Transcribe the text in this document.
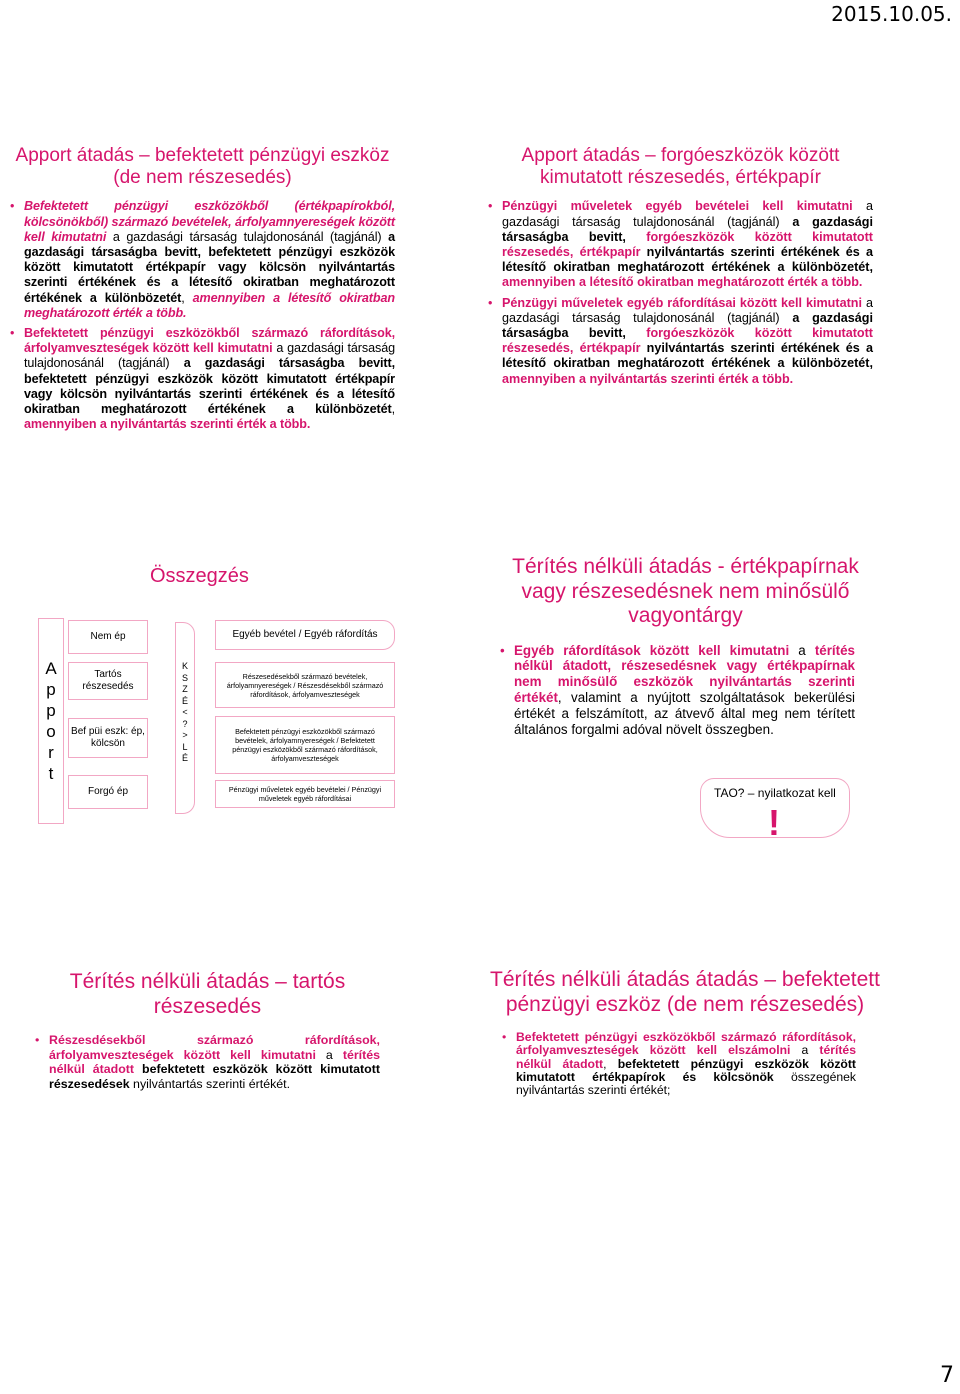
2015.10.05.
Apport átadás – befektetett pénzügyi eszköz (de nem részesedés)
• Befektetett pénzügyi eszközökből (értékpapírokból, kölcsönökből) származó bevételek, árfolyamnyereségek között kell kimutatni a gazdasági társaság tulajdonosánál (tagjánál) a gazdasági társaságba bevitt, befektetett pénzügyi eszközök között kimutatott értékpapír vagy kölcsön nyilvántartás szerinti értékének és a létesítő okiratban meghatározott értékének a különbözetét, amennyiben a létesítő okiratban meghatározott érték a több.
• Befektetett pénzügyi eszközökből származó ráfordítások, árfolyamveszteségek között kell kimutatni a gazdasági társaság tulajdonosánál (tagjánál) a gazdasági társaságba bevitt, befektetett pénzügyi eszközök között kimutatott értékpapír vagy kölcsön nyilvántartás szerinti értékének és a létesítő okiratban meghatározott értékének a különbözetét, amennyiben a nyilvántartás szerinti érték a több.
Apport átadás – forgóeszközök között kimutatott részesedés, értékpapír
• Pénzügyi műveletek egyéb bevételei kell kimutatni a gazdasági társaság tulajdonosánál (tagjánál) a gazdasági társaságba bevitt, forgóeszközök között kimutatott részesedés, értékpapír nyilvántartás szerinti értékének és a létesítő okiratban meghatározott értékének a különbözetét, amennyiben a létesítő okiratban meghatározott érték a több.
• Pénzügyi műveletek egyéb ráfordításai között kell kimutatni a gazdasági társaság tulajdonosánál (tagjánál) a gazdasági társaságba bevitt, forgóeszközök között kimutatott részesedés, értékpapír nyilvántartás szerinti értékének és a létesítő okiratban meghatározott értékének a különbözetét, amennyiben a nyilvántartás szerinti érték a több.
Összegzés
A
p
p
o
r
t
Nem ép
Tartós részesedés
Bef püi eszk: ép, kölcsön
Forgó ép
K
S
Z
É
<
?
>
L
É
Egyéb bevétel / Egyéb ráfordítás
Részesedésekből származó bevételek, árfolyamnyereségek / Részesdésekből származó ráfordítások, árfolyamveszteségek
Befektetett pénzügyi eszközökből származó bevételek, árfolyamnyereségek / Befektetett pénzügyi eszközökből származó ráfordítások, árfolyamveszteségek
Pénzügyi műveletek egyéb bevételei / Pénzügyi műveletek egyéb ráfordításai
Térítés nélküli átadás - értékpapírnak vagy részesedésnek nem minősülő vagyontárgy
• Egyéb ráfordítások között kell kimutatni a térítés nélkül átadott, részesedésnek vagy értékpapírnak nem minősülő eszközök nyilvántartás szerinti értékét, valamint a nyújtott szolgáltatások bekerülési értékét a felszámított, az átvevő által meg nem térített általános forgalmi adóval növelt összegben.
TAO? – nyilatkozat kell
!
Térítés nélküli átadás – tartós részesedés
• Részesdésekből származó ráfordítások, árfolyamveszteségek között kell kimutatni a térítés nélkül átadott befektetett eszközök között kimutatott részesedések nyilvántartás szerinti értékét.
Térítés nélküli átadás átadás – befektetett pénzügyi eszköz (de nem részesedés)
• Befektetett pénzügyi eszközökből származó ráfordítások, árfolyamveszteségek között kell elszámolni a térítés nélkül átadott, befektetett pénzügyi eszközök között kimutatott értékpapírok és kölcsönök összegének nyilvántartás szerinti értékét;
7
